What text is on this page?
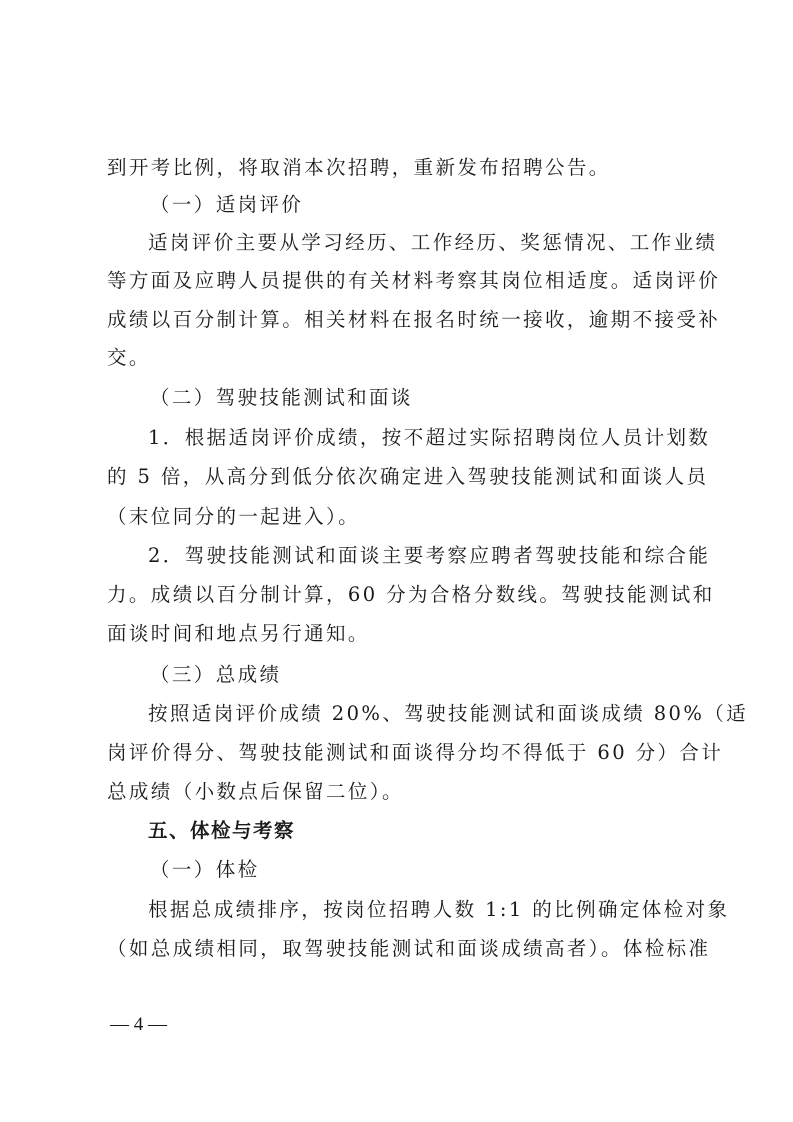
到开考比例，将取消本次招聘，重新发布招聘公告。
（一）适岗评价
适岗评价主要从学习经历、工作经历、奖惩情况、工作业绩
等方面及应聘人员提供的有关材料考察其岗位相适度。适岗评价
成绩以百分制计算。相关材料在报名时统一接收，逾期不接受补
交。
（二）驾驶技能测试和面谈
1．根据适岗评价成绩，按不超过实际招聘岗位人员计划数
的 5 倍，从高分到低分依次确定进入驾驶技能测试和面谈人员
（末位同分的一起进入）。
2．驾驶技能测试和面谈主要考察应聘者驾驶技能和综合能
力。成绩以百分制计算，60 分为合格分数线。驾驶技能测试和
面谈时间和地点另行通知。
（三）总成绩
按照适岗评价成绩 20%、驾驶技能测试和面谈成绩 80%（适
岗评价得分、驾驶技能测试和面谈得分均不得低于 60 分）合计
总成绩（小数点后保留二位）。
五、体检与考察
（一）体检
根据总成绩排序，按岗位招聘人数 1:1 的比例确定体检对象
（如总成绩相同，取驾驶技能测试和面谈成绩高者）。体检标准
— 4 —
